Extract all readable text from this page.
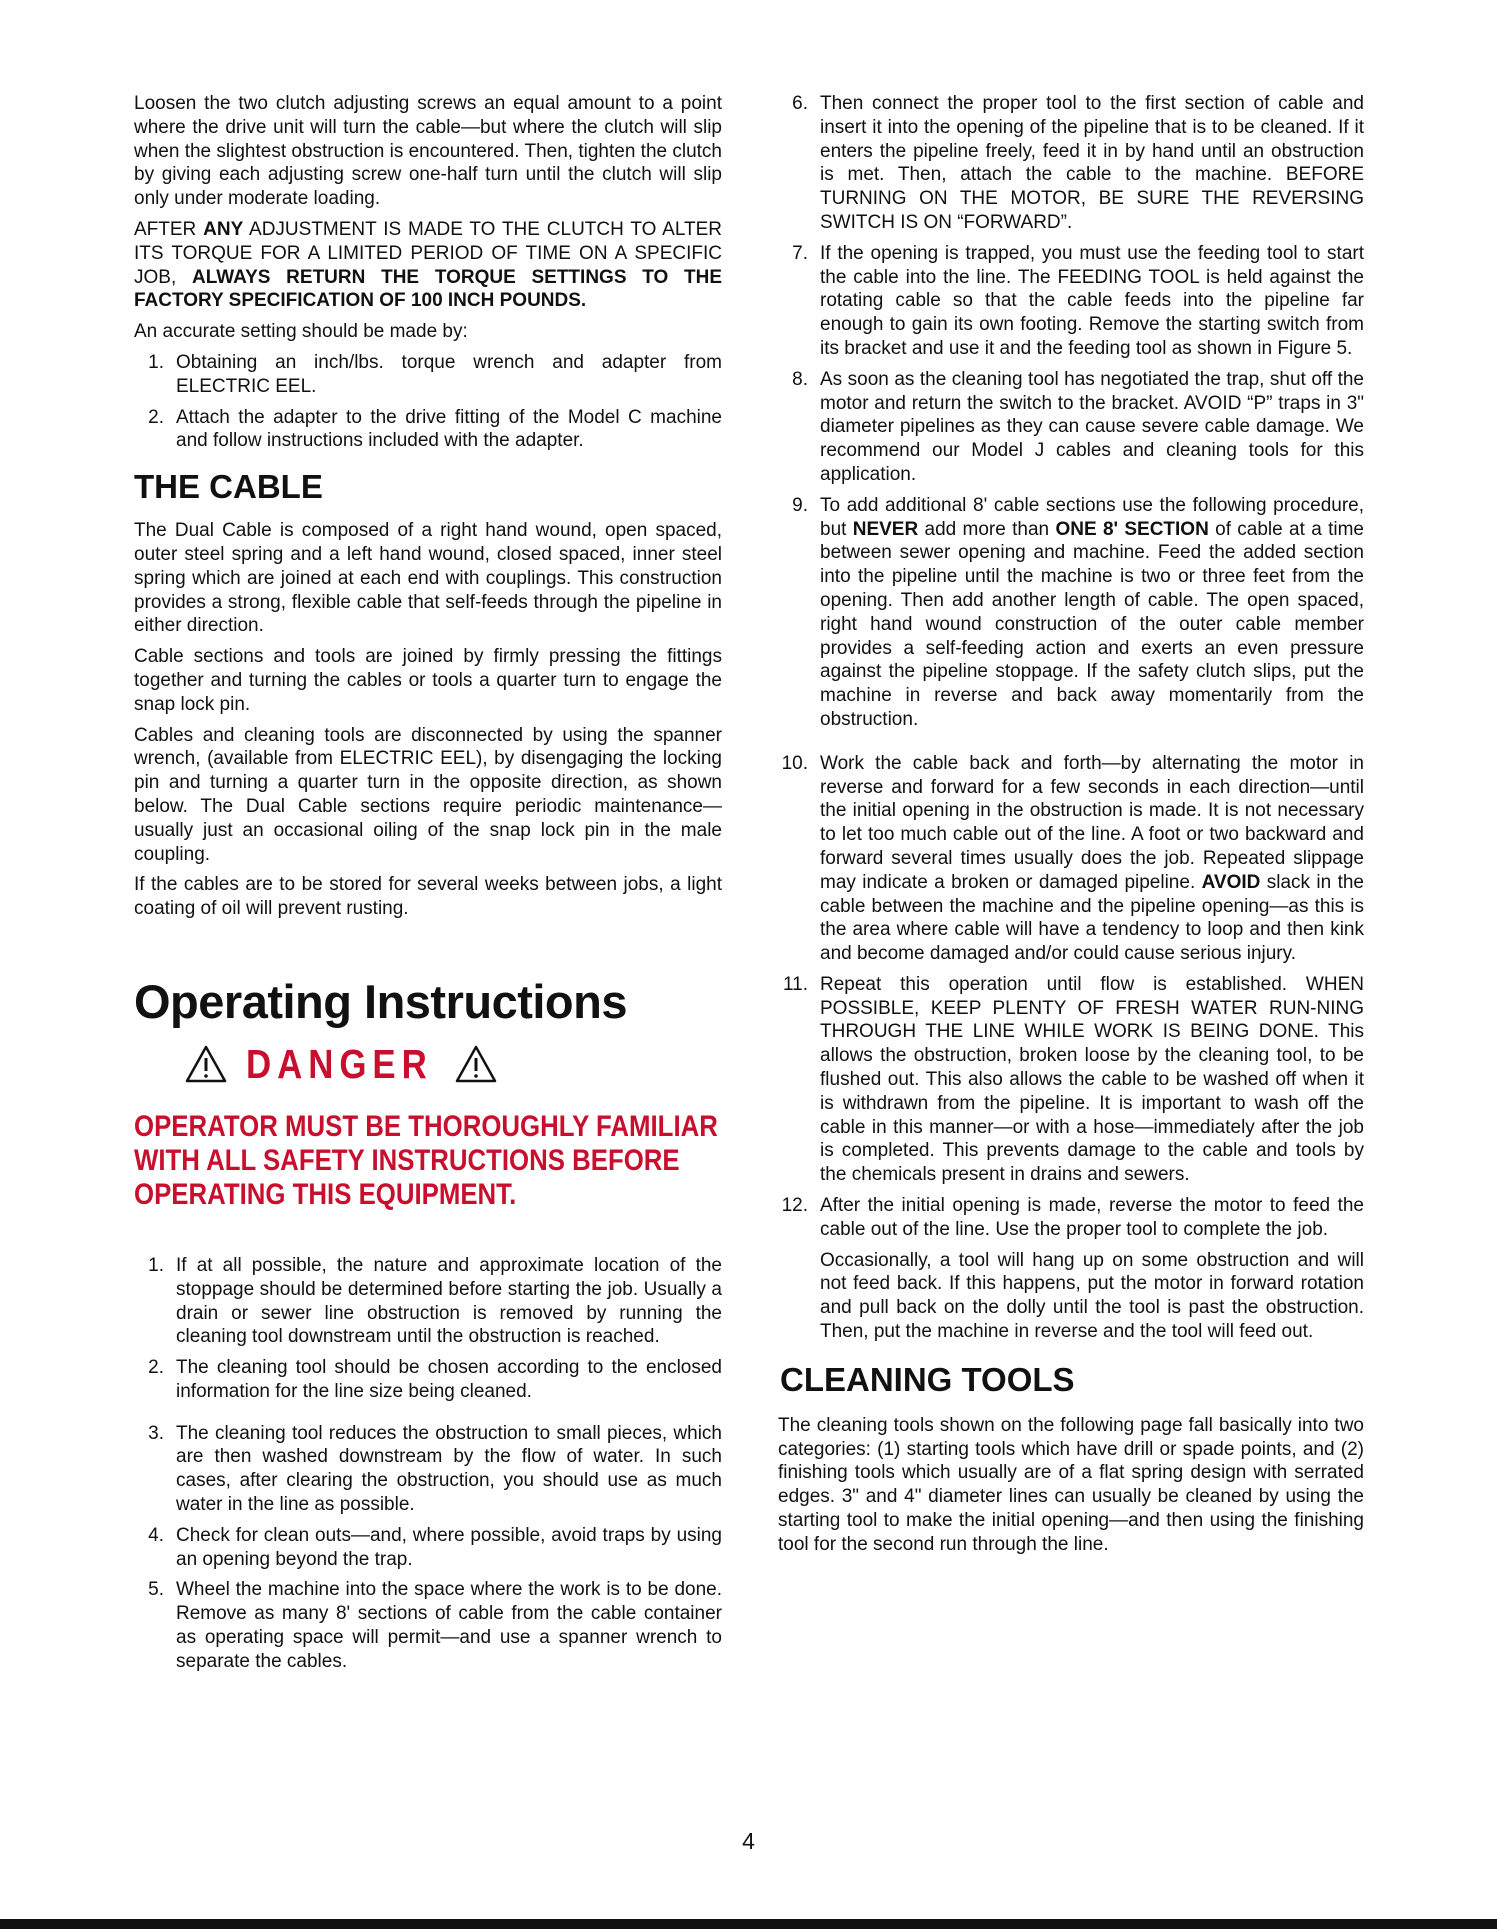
Loosen the two clutch adjusting screws an equal amount to a point where the drive unit will turn the cable—but where the clutch will slip when the slightest obstruction is encountered. Then, tighten the clutch by giving each adjusting screw one-half turn until the clutch will slip only under moderate loading.

AFTER ANY ADJUSTMENT IS MADE TO THE CLUTCH TO ALTER ITS TORQUE FOR A LIMITED PERIOD OF TIME ON A SPECIFIC JOB, ALWAYS RETURN THE TORQUE SETTINGS TO THE FACTORY SPECIFICATION OF 100 INCH POUNDS.

An accurate setting should be made by:

1. Obtaining an inch/lbs. torque wrench and adapter from ELECTRIC EEL.

2. Attach the adapter to the drive fitting of the Model C machine and follow instructions included with the adapter.

THE CABLE

The Dual Cable is composed of a right hand wound, open spaced, outer steel spring and a left hand wound, closed spaced, inner steel spring which are joined at each end with couplings. This construction provides a strong, flexible cable that self-feeds through the pipeline in either direction.

Cable sections and tools are joined by firmly pressing the fittings together and turning the cables or tools a quarter turn to engage the snap lock pin.

Cables and cleaning tools are disconnected by using the spanner wrench, (available from ELECTRIC EEL), by disengaging the locking pin and turning a quarter turn in the opposite direction, as shown below. The Dual Cable sections require periodic maintenance—usually just an occasional oiling of the snap lock pin in the male coupling.

If the cables are to be stored for several weeks between jobs, a light coating of oil will prevent rusting.

Operating Instructions
DANGER
OPERATOR MUST BE THOROUGHLY FAMILIAR WITH ALL SAFETY INSTRUCTIONS BEFORE OPERATING THIS EQUIPMENT.
1. If at all possible, the nature and approximate location of the stoppage should be determined before starting the job. Usually a drain or sewer line obstruction is removed by running the cleaning tool downstream until the obstruction is reached.

2. The cleaning tool should be chosen according to the enclosed information for the line size being cleaned.

3. The cleaning tool reduces the obstruction to small pieces, which are then washed downstream by the flow of water. In such cases, after clearing the obstruction, you should use as much water in the line as possible.

4. Check for clean outs—and, where possible, avoid traps by using an opening beyond the trap.

5. Wheel the machine into the space where the work is to be done. Remove as many 8' sections of cable from the cable container as operating space will permit—and use a spanner wrench to separate the cables.

6. Then connect the proper tool to the first section of cable and insert it into the opening of the pipeline that is to be cleaned. If it enters the pipeline freely, feed it in by hand until an obstruction is met. Then, attach the cable to the machine. BEFORE TURNING ON THE MOTOR, BE SURE THE REVERSING SWITCH IS ON “FORWARD”.

7. If the opening is trapped, you must use the feeding tool to start the cable into the line. The FEEDING TOOL is held against the rotating cable so that the cable feeds into the pipeline far enough to gain its own footing. Remove the starting switch from its bracket and use it and the feeding tool as shown in Figure 5.

8. As soon as the cleaning tool has negotiated the trap, shut off the motor and return the switch to the bracket. AVOID “P” traps in 3" diameter pipelines as they can cause severe cable damage. We recommend our Model J cables and cleaning tools for this application.

9. To add additional 8' cable sections use the following procedure, but NEVER add more than ONE 8' SECTION of cable at a time between sewer opening and machine. Feed the added section into the pipeline until the machine is two or three feet from the opening. Then add another length of cable. The open spaced, right hand wound construction of the outer cable member provides a self-feeding action and exerts an even pressure against the pipeline stoppage. If the safety clutch slips, put the machine in reverse and back away momentarily from the obstruction.

10. Work the cable back and forth—by alternating the motor in reverse and forward for a few seconds in each direction—until the initial opening in the obstruction is made. It is not necessary to let too much cable out of the line. A foot or two backward and forward several times usually does the job. Repeated slippage may indicate a broken or damaged pipeline. AVOID slack in the cable between the machine and the pipeline opening—as this is the area where cable will have a tendency to loop and then kink and become damaged and/or could cause serious injury.

11. Repeat this operation until flow is established. WHEN POSSIBLE, KEEP PLENTY OF FRESH WATER RUN-NING THROUGH THE LINE WHILE WORK IS BEING DONE. This allows the obstruction, broken loose by the cleaning tool, to be flushed out. This also allows the cable to be washed off when it is withdrawn from the pipeline. It is important to wash off the cable in this manner—or with a hose—immediately after the job is completed. This prevents damage to the cable and tools by the chemicals present in drains and sewers.

12. After the initial opening is made, reverse the motor to feed the cable out of the line. Use the proper tool to complete the job.

Occasionally, a tool will hang up on some obstruction and will not feed back. If this happens, put the motor in forward rotation and pull back on the dolly until the tool is past the obstruction. Then, put the machine in reverse and the tool will feed out.

CLEANING TOOLS

The cleaning tools shown on the following page fall basically into two categories: (1) starting tools which have drill or spade points, and (2) finishing tools which usually are of a flat spring design with serrated edges. 3" and 4" diameter lines can usually be cleaned by using the starting tool to make the initial opening—and then using the finishing tool for the second run through the line.

4
